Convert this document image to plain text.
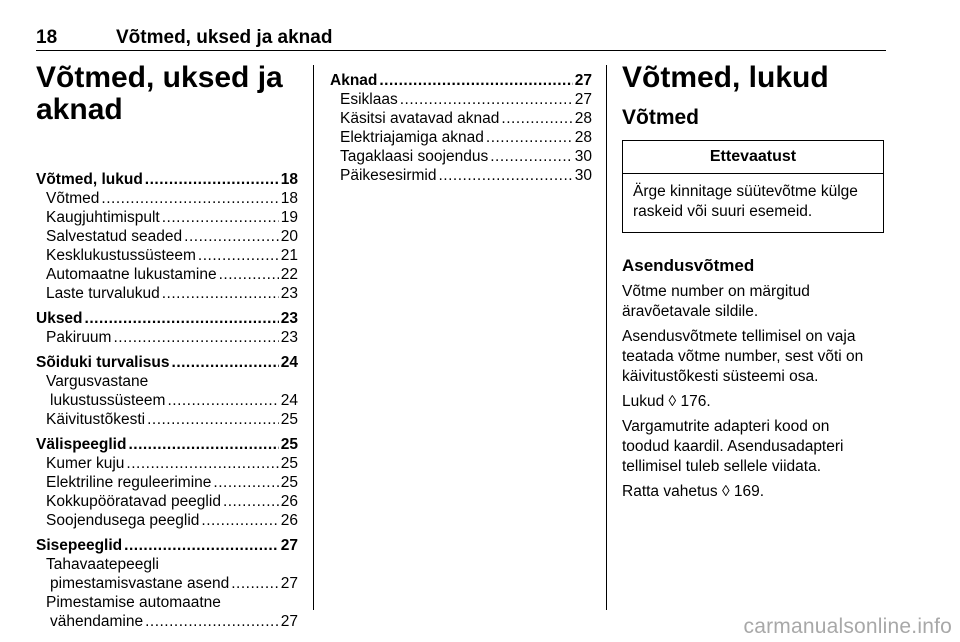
18	Võtmed, uksed ja aknad
Võtmed, uksed ja
aknad
Võtmed, lukud .....	18
Võtmed .....	18
Kaugjuhtimispult .....	19
Salvestatud seaded .....	20
Kesklukustussüsteem .....	21
Automaatne lukustamine .....	22
Laste turvalukud .....	23
Uksed .....	23
Pakiruum .....	23
Sõiduki turvalisus .....	24
Vargusvastane
lukustussüsteem .....	24
Käivitustõkesti .....	25
Välispeeglid .....	25
Kumer kuju .....	25
Elektriline reguleerimine .....	25
Kokkupööratavad peeglid .....	26
Soojendusega peeglid .....	26
Sisepeeglid .....	27
Tahavaatepeegli
pimestamisvastane asend .....	27
Pimestamise automaatne
vähendamine .....	27
Aknad .....	27
Esiklaas .....	27
Käsitsi avatavad aknad .....	28
Elektriajamiga aknad .....	28
Tagaklaasi soojendus .....	30
Päikesesirmid .....	30
Võtmed, lukud
Võtmed
Ettevaatust
Ärge kinnitage süütevõtme külge
raskeid või suuri esemeid.
Asendusvõtmed

Võtme number on märgitud
äravõetavale sildile.

Asendusvõtmete tellimisel on vaja
teatada võtme number, sest võti on
käivitustõkesti süsteemi osa.

Lukud ◊ 176.

Vargamutrite adapteri kood on
toodud kaardil. Asendusadapteri
tellimisel tuleb sellele viidata.

Ratta vahetus ◊ 169.

carmanualsonline.info
